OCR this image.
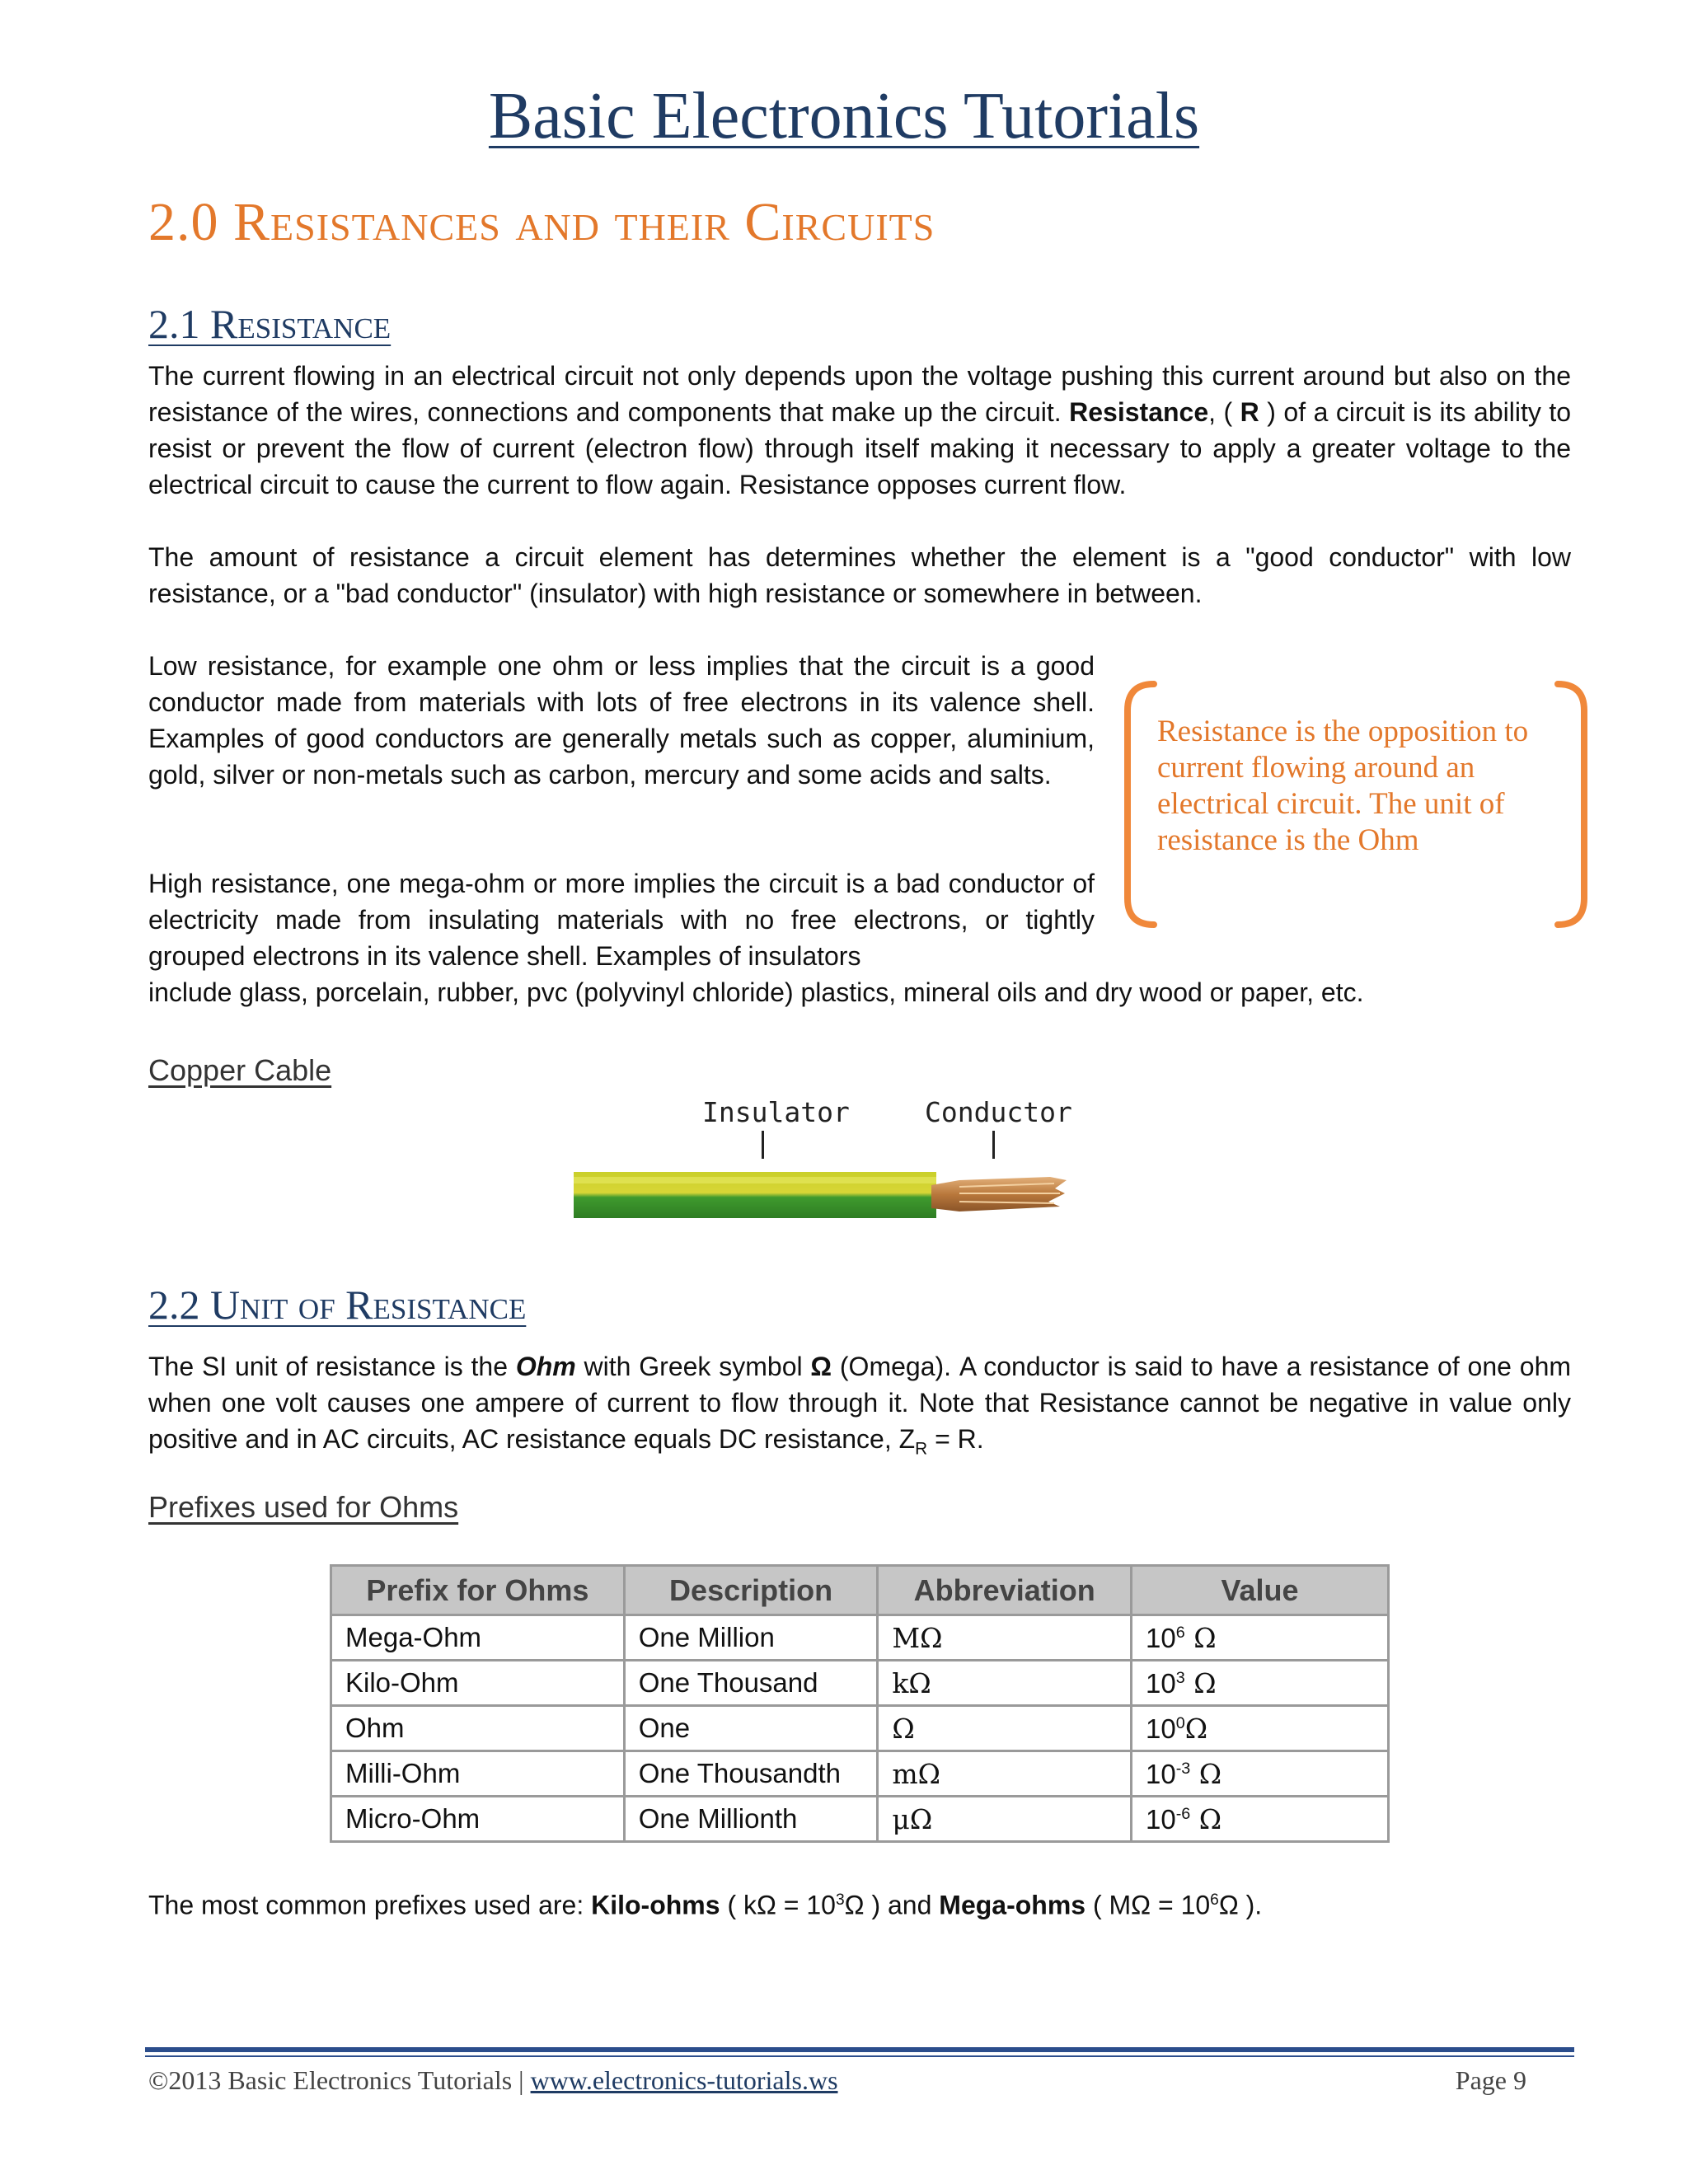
Basic Electronics Tutorials
2.0 Resistances and their Circuits
2.1 Resistance
The current flowing in an electrical circuit not only depends upon the voltage pushing this current around but also on the resistance of the wires, connections and components that make up the circuit. Resistance, ( R ) of a circuit is its ability to resist or prevent the flow of current (electron flow) through itself making it necessary to apply a greater voltage to the electrical circuit to cause the current to flow again. Resistance opposes current flow.
The amount of resistance a circuit element has determines whether the element is a "good conductor" with low resistance, or a "bad conductor" (insulator) with high resistance or somewhere in between.
Low resistance, for example one ohm or less implies that the circuit is a good conductor made from materials with lots of free electrons in its valence shell. Examples of good conductors are generally metals such as copper, aluminium, gold, silver or non-metals such as carbon, mercury and some acids and salts.
High resistance, one mega-ohm or more implies the circuit is a bad conductor of electricity made from insulating materials with no free electrons, or tightly grouped electrons in its valence shell. Examples of insulators
include glass, porcelain, rubber, pvc (polyvinyl chloride) plastics, mineral oils and dry wood or paper, etc.
Resistance is the opposition to current flowing around an electrical circuit. The unit of resistance is the Ohm
Copper Cable
Insulator	Conductor
2.2 Unit of Resistance
The SI unit of resistance is the Ohm with Greek symbol Ω (Omega). A conductor is said to have a resistance of one ohm when one volt causes one ampere of current to flow through it. Note that Resistance cannot be negative in value only positive and in AC circuits, AC resistance equals DC resistance, $Z_R = R$.
Prefixes used for Ohms
Prefix for Ohms	Description	Abbreviation	Value
Mega-Ohm	One Million	MΩ	$10^6$ Ω
Kilo-Ohm	One Thousand	kΩ	$10^3$ Ω
Ohm	One	Ω	$10^0\Omega$
Milli-Ohm	One Thousandth	mΩ	$10^{-3}$ Ω
Micro-Ohm	One Millionth	μΩ	$10^{-6}$ Ω
The most common prefixes used are: Kilo-ohms ( $k\Omega = 10^3\Omega$ ) and Mega-ohms ( $M\Omega = 10^6\Omega$ ).
©2013 Basic Electronics Tutorials | www.electronics-tutorials.ws	Page 9
